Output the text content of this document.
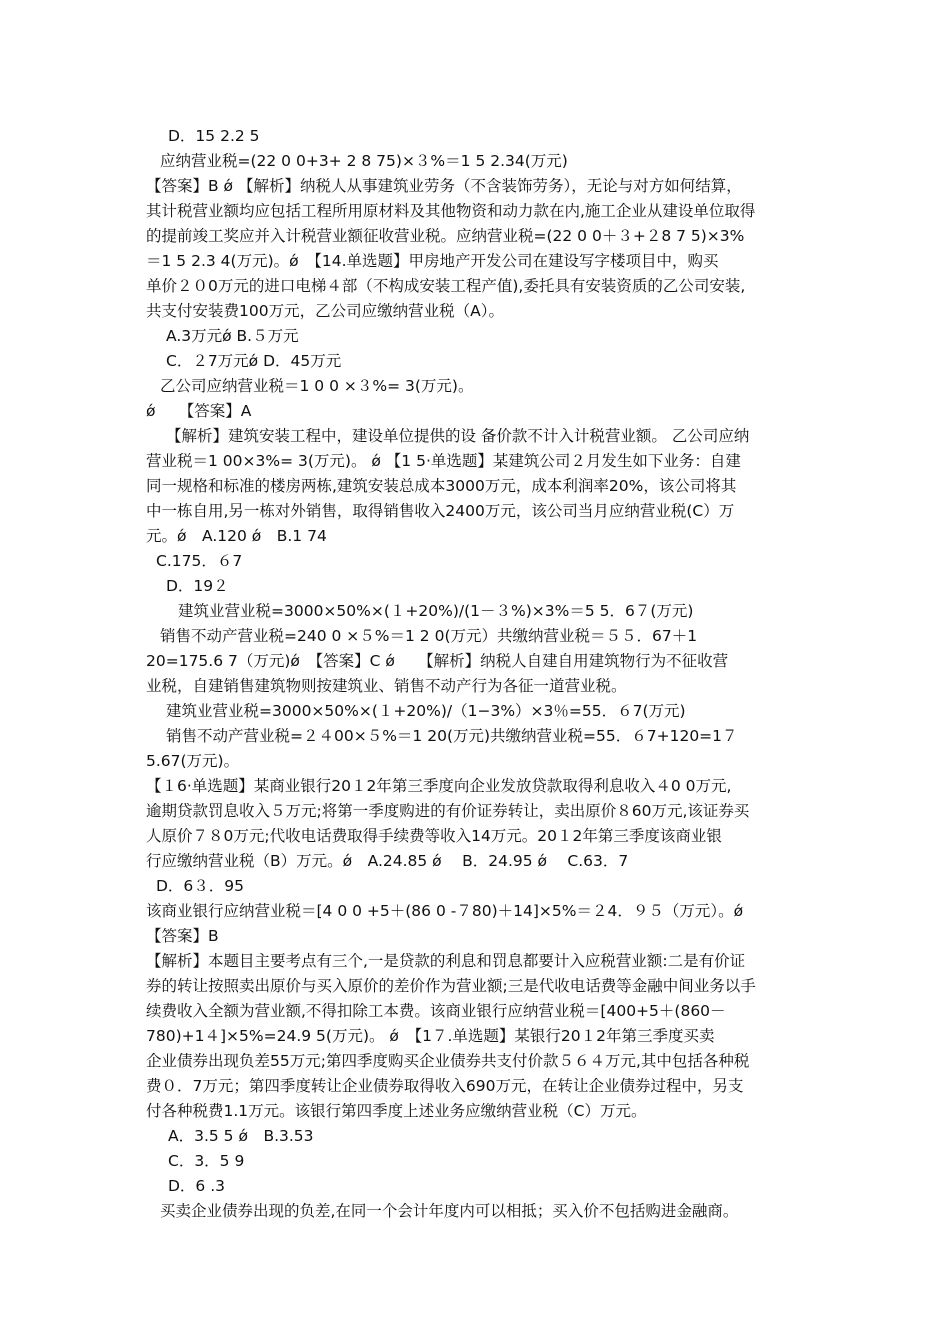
D．15 2.2 5
应纳营业税=(22 0 0+3+ 2 8 75)×３%＝1 5 2.34(万元)
【答案】B ǿ 【解析】纳税人从事建筑业劳务（不含装饰劳务），无论与对方如何结算，
其计税营业额均应包括工程所用原材料及其他物资和动力款在内,施工企业从建设单位取得
的提前竣工奖应并入计税营业额征收营业税。应纳营业税=(22 0 0＋３+２8 7 5)×3%
＝1 5 2.3 4(万元)。ǿ　【14.单选题】甲房地产开发公司在建设写字楼项目中，购买
单价２０0万元的进口电梯４部（不构成安装工程产值),委托具有安装资质的乙公司安装,
共支付安装费100万元，乙公司应缴纳营业税（A）。
A.3万元ǿ B.５万元
C．２7万元ǿ D．45万元
乙公司应纳营业税＝1 0 0 ×３%= 3(万元)。
ǿ　　【答案】A
【解析】建筑安装工程中，建设单位提供的设 备价款不计入计税营业额。 乙公司应纳
营业税＝1 00×3%= 3(万元)。 ǿ 【1 5·单选题】某建筑公司２月发生如下业务：自建
同一规格和标准的楼房两栋,建筑安装总成本3000万元，成本利润率20%，该公司将其
中一栋自用,另一栋对外销售，取得销售收入2400万元，该公司当月应纳营业税(C）万
元。ǿ　A.120 ǿ　B.1 74
C.175．６7
D．19２
建筑业营业税=3000×50%×(１+20%)/(1－３%)×3%＝5 5．6７(万元)
销售不动产营业税=240 0 ×５%＝1 2 0(万元）共缴纳营业税＝５５．67＋1
20=175.6 7（万元)ǿ　【答案】C ǿ　　【解析】纳税人自建自用建筑物行为不征收营
业税，自建销售建筑物则按建筑业、销售不动产行为各征一道营业税。
建筑业营业税=3000×50%×(１+20%)/（1−3%）×3％=55．６7(万元)
销售不动产营业税=２４00×５%＝1 20(万元)共缴纳营业税=55．６7+120=1７
5.67(万元)。
【１6·单选题】某商业银行20１2年第三季度向企业发放贷款取得利息收入４0 0万元,
逾期贷款罚息收入５万元;将第一季度购进的有价证券转让，卖出原价８60万元,该证券买
人原价７８0万元;代收电话费取得手续费等收入14万元。20１2年第三季度该商业银
行应缴纳营业税（B）万元。ǿ　A.24.85 ǿ　 B．24.95 ǿ　 C.63．7
D．6３．95
该商业银行应纳营业税＝[4 0 0 +5＋(86 0 -７80)＋14]×5%＝２4．９５（万元）。ǿ
【答案】B
【解析】本题目主要考点有三个,一是贷款的利息和罚息都要计入应税营业额:二是有价证
券的转让按照卖出原价与买入原价的差价作为营业额;三是代收电话费等金融中间业务以手
续费收入全额为营业额,不得扣除工本费。该商业银行应纳营业税＝[400+5＋(860－
780)+1４]×5%=24.9 5(万元)。 ǿ　【1７.单选题】某银行20１2年第三季度买卖
企业债券出现负差55万元;第四季度购买企业债券共支付价款５６４万元,其中包括各种税
费０．7万元；第四季度转让企业债券取得收入690万元，在转让企业债券过程中，另支
付各种税费1.1万元。该银行第四季度上述业务应缴纳营业税（C）万元。
A．3.5 5 ǿ　B.3.53
C．3．5 9
D．6 .3
买卖企业债券出现的负差,在同一个会计年度内可以相抵；买入价不包括购进金融商。
